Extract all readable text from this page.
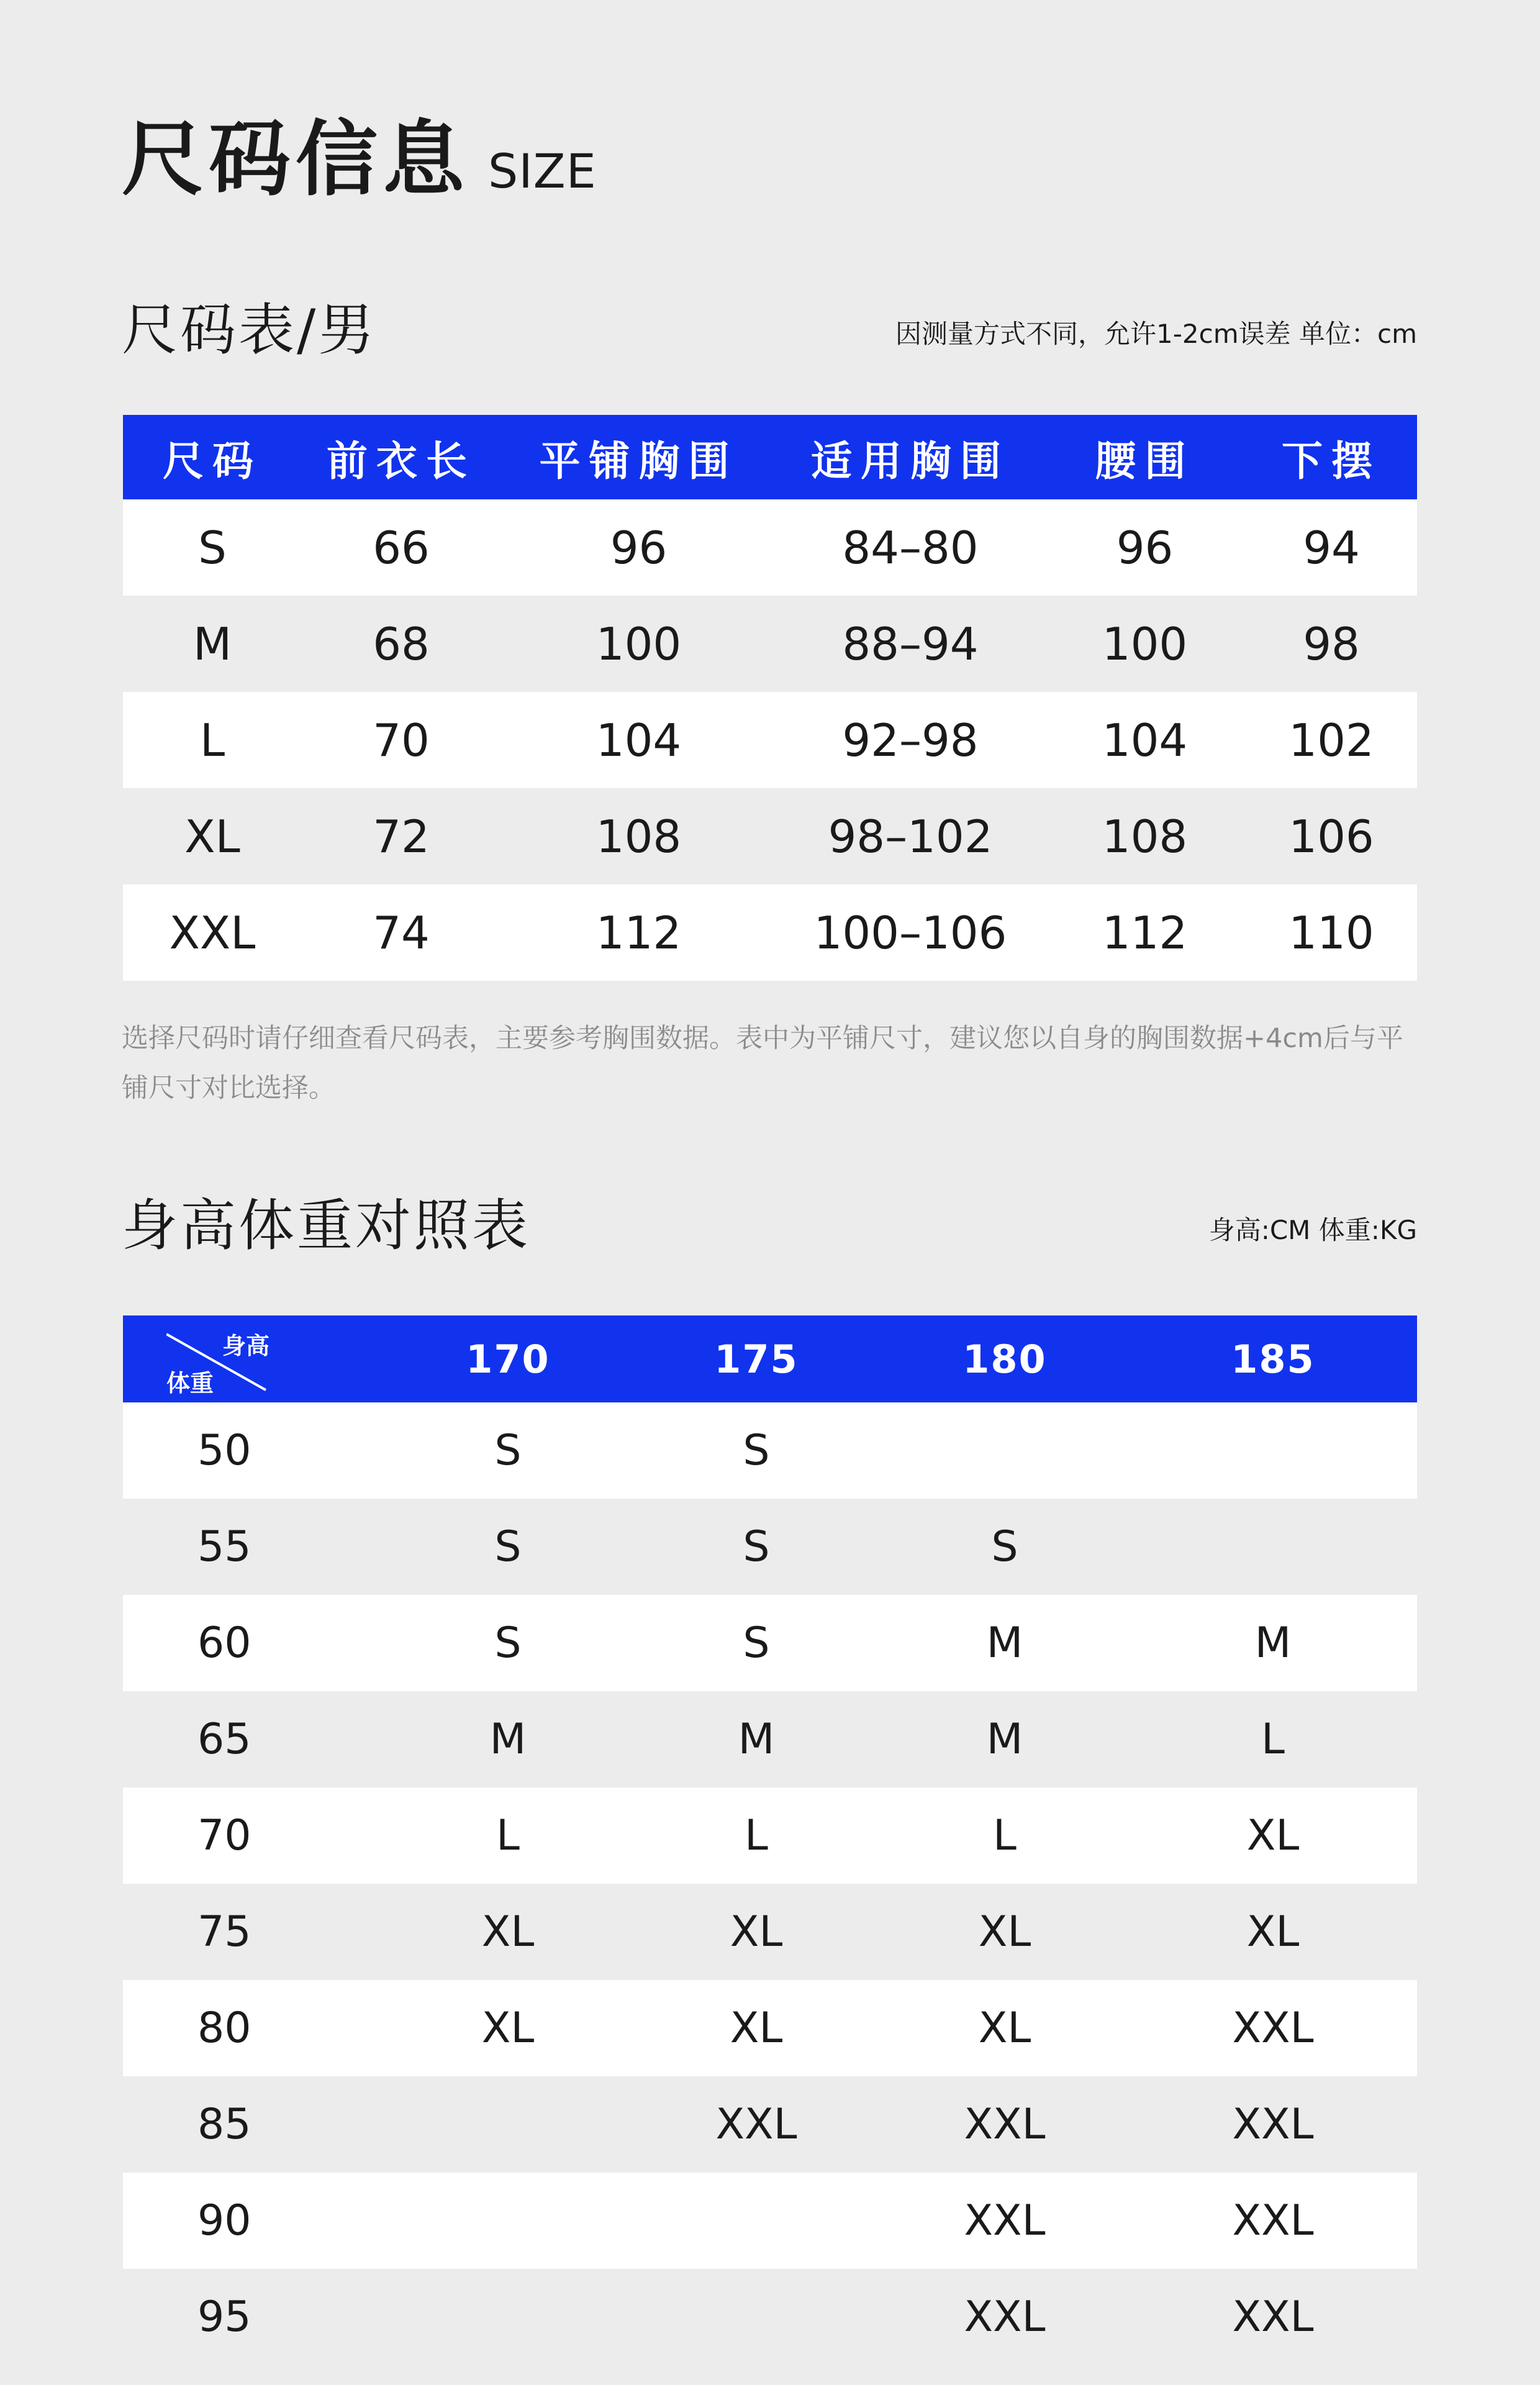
尺码信息 SIZE
尺码表/男	因测量方式不同，允许1-2cm误差 单位：cm
尺码	前衣长	平铺胸围	适用胸围	腰围	下摆
S	66	96	84–80	96	94
M	68	100	88–94	100	98
L	70	104	92–98	104	102
XL	72	108	98–102	108	106
XXL	74	112	100–106	112	110
选择尺码时请仔细查看尺码表，主要参考胸围数据。表中为平铺尺寸，建议您以自身的胸围数据+4cm后与平铺尺寸对比选择。
身高体重对照表	身高:CM 体重:KG
身高
体重	170	175	180	185
50	S	S		
55	S	S	S	
60	S	S	M	M
65	M	M	M	L
70	L	L	L	XL
75	XL	XL	XL	XL
80	XL	XL	XL	XXL
85		XXL	XXL	XXL
90			XXL	XXL
95			XXL	XXL
